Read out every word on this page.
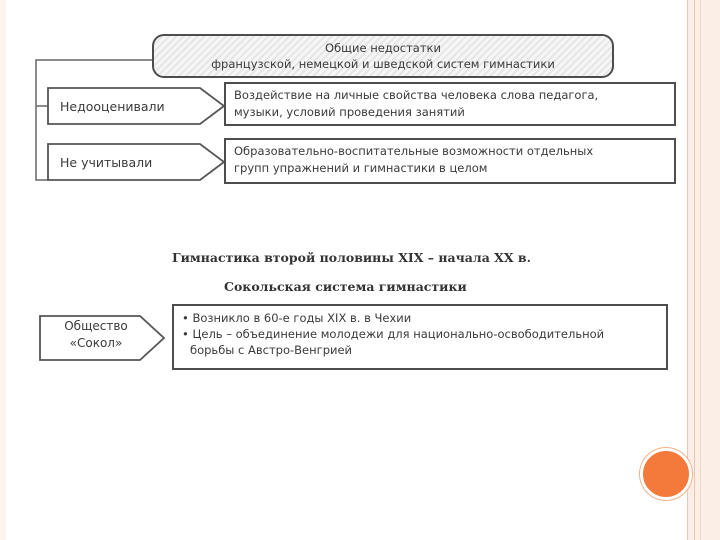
Общие недостатки
французской, немецкой и шведской систем гимнастики
Недооценивали
Воздействие на личные свойства человека слова педагога,
музыки, условий проведения занятий
Не учитывали
Образовательно-воспитательные возможности отдельных
групп упражнений и гимнастики в целом
Гимнастика второй половины XIX – начала XX в.
Сокольская система гимнастики
Общество
«Сокол»
• Возникло в 60-е годы XIX в. в Чехии
• Цель – объединение молодежи для национально-освободительной
борьбы с Австро-Венгрией
